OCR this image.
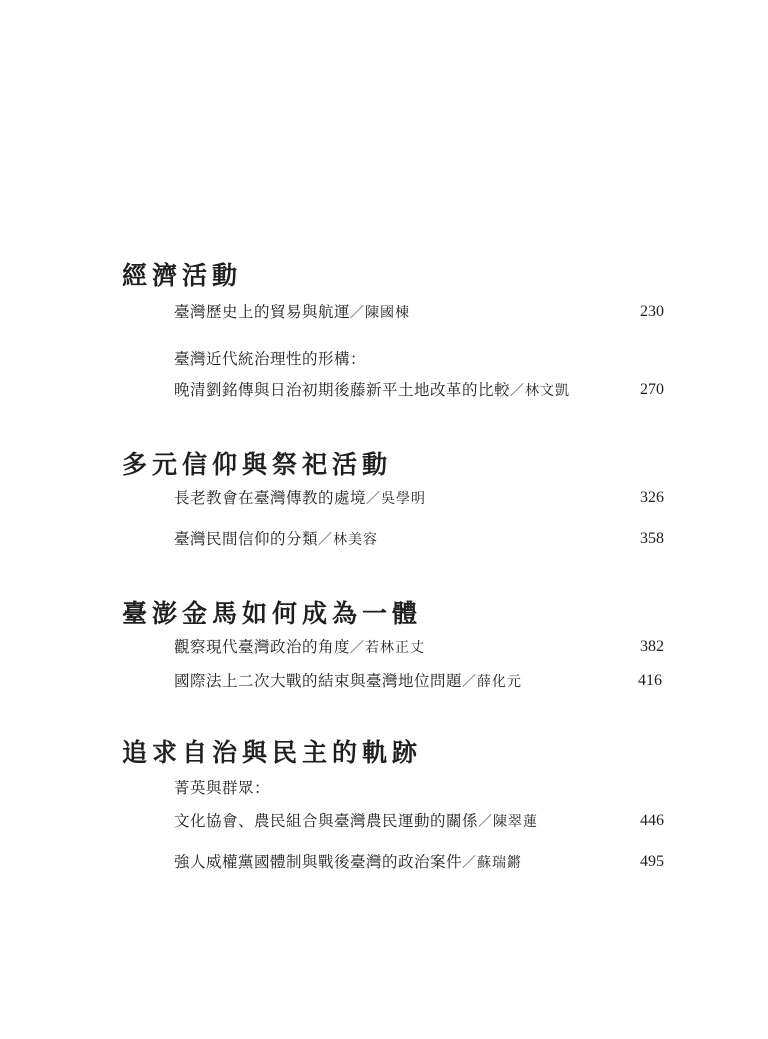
經濟活動
臺灣歷史上的貿易與航運／陳國棟	230
臺灣近代統治理性的形構：
晚清劉銘傳與日治初期後藤新平土地改革的比較／林文凱	270
多元信仰與祭祀活動
長老教會在臺灣傳教的處境／吳學明	326
臺灣民間信仰的分類／林美容	358
臺澎金馬如何成為一體
觀察現代臺灣政治的角度／若林正丈	382
國際法上二次大戰的結束與臺灣地位問題／薛化元	416
追求自治與民主的軌跡
菁英與群眾：
文化協會、農民組合與臺灣農民運動的關係／陳翠蓮	446
強人威權黨國體制與戰後臺灣的政治案件／蘇瑞鏘	495
